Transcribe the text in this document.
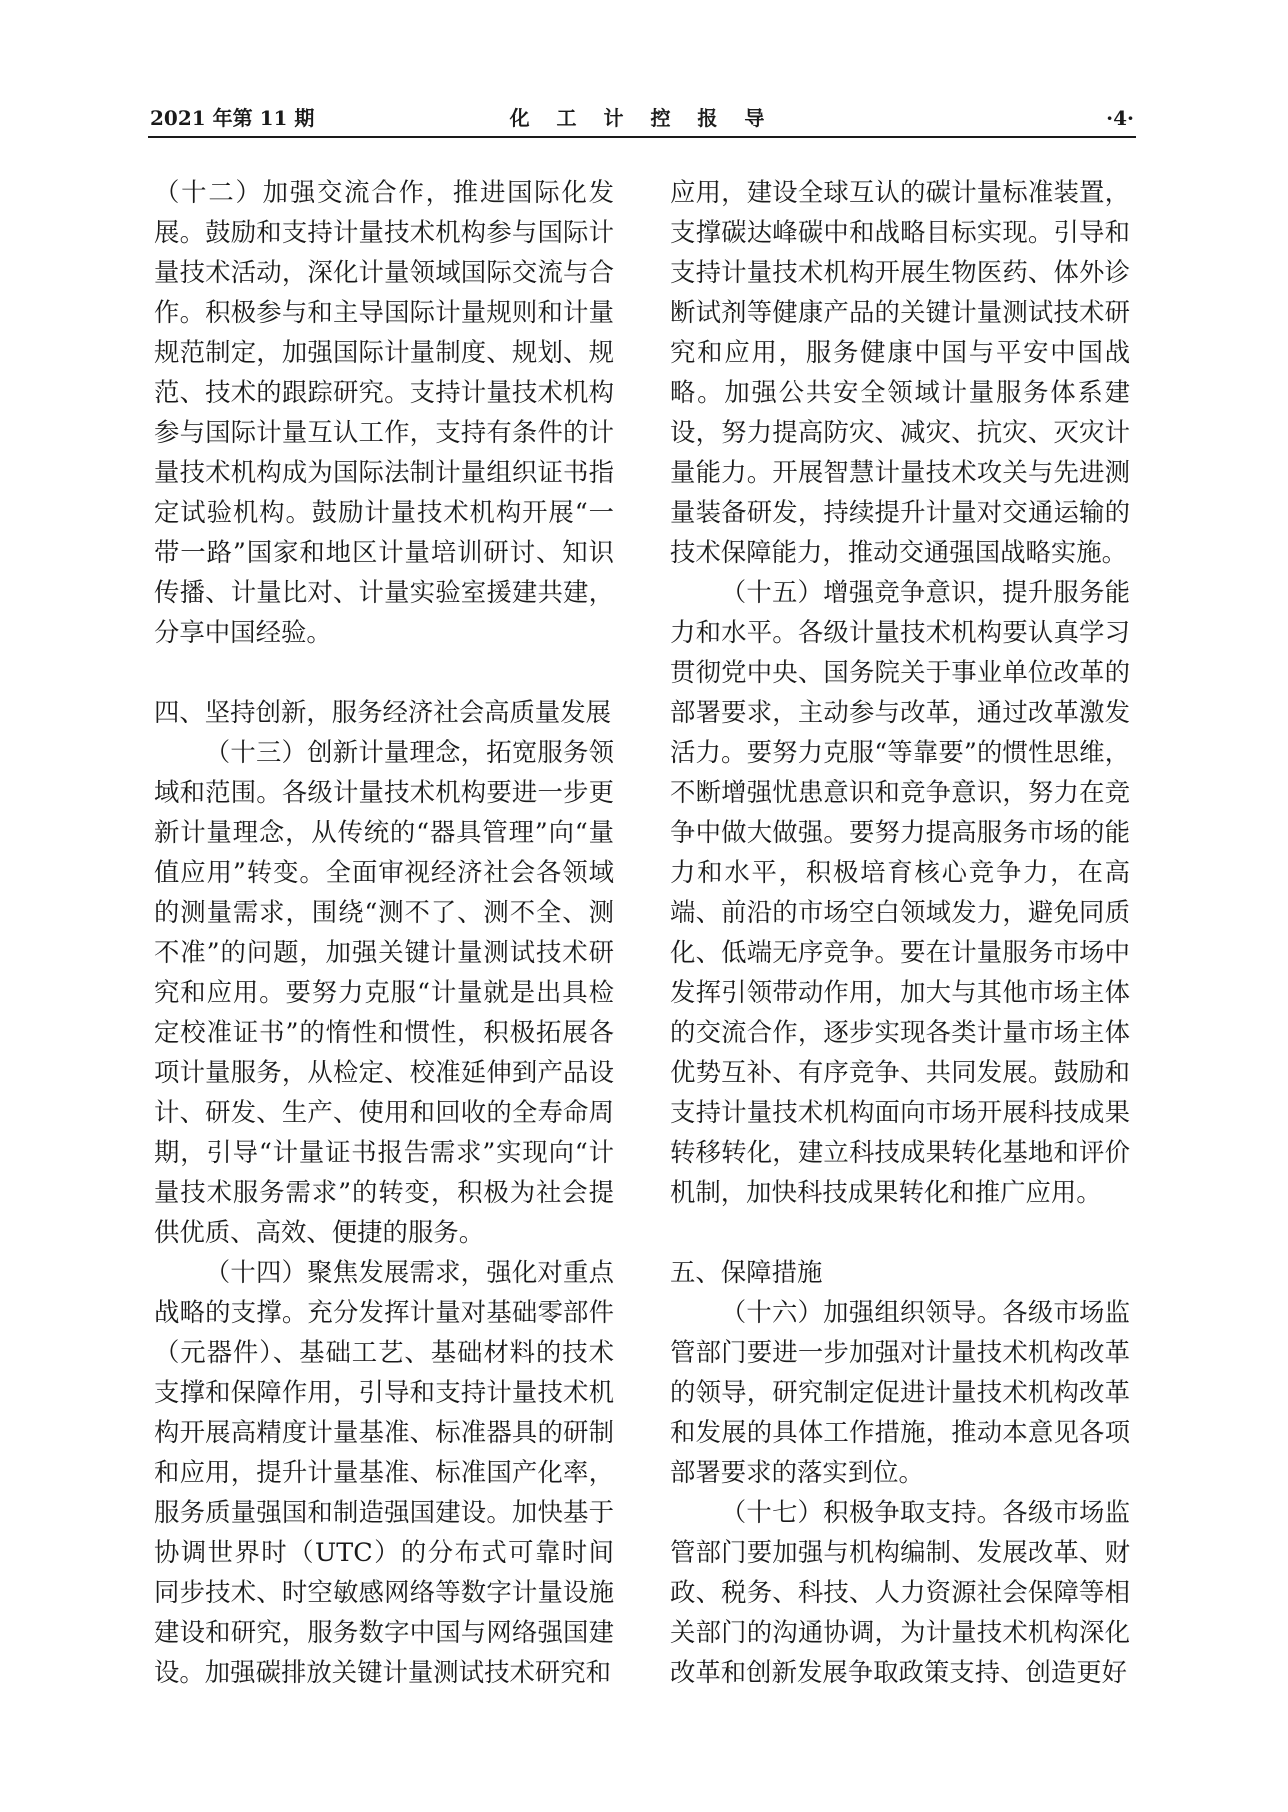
2021 年第 11 期	化 工 计 控 报 导	·4·

（十二）加强交流合作，推进国际化发展。鼓励和支持计量技术机构参与国际计量技术活动，深化计量领域国际交流与合作。积极参与和主导国际计量规则和计量规范制定，加强国际计量制度、规划、规范、技术的跟踪研究。支持计量技术机构参与国际计量互认工作，支持有条件的计量技术机构成为国际法制计量组织证书指定试验机构。鼓励计量技术机构开展“一带一路”国家和地区计量培训研讨、知识传播、计量比对、计量实验室援建共建，分享中国经验。

四、坚持创新，服务经济社会高质量发展

（十三）创新计量理念，拓宽服务领域和范围。各级计量技术机构要进一步更新计量理念，从传统的“器具管理”向“量值应用”转变。全面审视经济社会各领域的测量需求，围绕“测不了、测不全、测不准”的问题，加强关键计量测试技术研究和应用。要努力克服“计量就是出具检定校准证书”的惰性和惯性，积极拓展各项计量服务，从检定、校准延伸到产品设计、研发、生产、使用和回收的全寿命周期，引导“计量证书报告需求”实现向“计量技术服务需求”的转变，积极为社会提供优质、高效、便捷的服务。

（十四）聚焦发展需求，强化对重点战略的支撑。充分发挥计量对基础零部件（元器件）、基础工艺、基础材料的技术支撑和保障作用，引导和支持计量技术机构开展高精度计量基准、标准器具的研制和应用，提升计量基准、标准国产化率，服务质量强国和制造强国建设。加快基于协调世界时（UTC）的分布式可靠时间同步技术、时空敏感网络等数字计量设施建设和研究，服务数字中国与网络强国建设。加强碳排放关键计量测试技术研究和

应用，建设全球互认的碳计量标准装置，支撑碳达峰碳中和战略目标实现。引导和支持计量技术机构开展生物医药、体外诊断试剂等健康产品的关键计量测试技术研究和应用，服务健康中国与平安中国战略。加强公共安全领域计量服务体系建设，努力提高防灾、减灾、抗灾、灭灾计量能力。开展智慧计量技术攻关与先进测量装备研发，持续提升计量对交通运输的技术保障能力，推动交通强国战略实施。

（十五）增强竞争意识，提升服务能力和水平。各级计量技术机构要认真学习贯彻党中央、国务院关于事业单位改革的部署要求，主动参与改革，通过改革激发活力。要努力克服“等靠要”的惯性思维，不断增强忧患意识和竞争意识，努力在竞争中做大做强。要努力提高服务市场的能力和水平，积极培育核心竞争力，在高端、前沿的市场空白领域发力，避免同质化、低端无序竞争。要在计量服务市场中发挥引领带动作用，加大与其他市场主体的交流合作，逐步实现各类计量市场主体优势互补、有序竞争、共同发展。鼓励和支持计量技术机构面向市场开展科技成果转移转化，建立科技成果转化基地和评价机制，加快科技成果转化和推广应用。

五、保障措施

（十六）加强组织领导。各级市场监管部门要进一步加强对计量技术机构改革的领导，研究制定促进计量技术机构改革和发展的具体工作措施，推动本意见各项部署要求的落实到位。

（十七）积极争取支持。各级市场监管部门要加强与机构编制、发展改革、财政、税务、科技、人力资源社会保障等相关部门的沟通协调，为计量技术机构深化改革和创新发展争取政策支持、创造更好
